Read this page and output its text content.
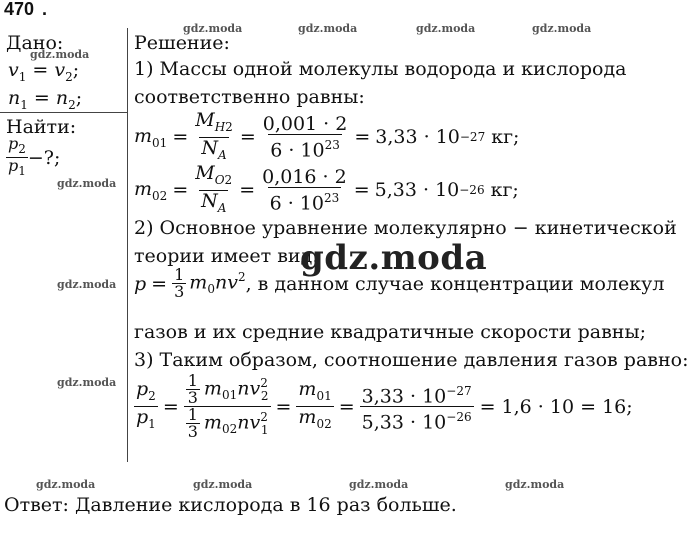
470 .
Дано:
$v_1 = v_2$;
$n_1 = n_2$;
Найти:
$\frac{p_2}{p_1}$ −?;
Решение:
1) Массы одной молекулы водорода и кислорода
соответственно равны:
$m_{01} = \frac{M_{H2}}{N_A} = \frac{0,001 \cdot 2}{6 \cdot 10^{23}} = 3,33 \cdot 10 -27$ кг;
$m_{02} = \frac{M_{O2}}{N_A} = \frac{0,016 \cdot 2}{6 \cdot 10^{23}} = 5,33 \cdot 10 -26$ кг;
2) Основное уравнение молекулярно − кинетической
теории имеет вид:
$p = \frac{1}{3} m_0nv^2$ , в данном случае концентрации молекул
газов и их средние квадратичные скорости равны;
3) Таким образом, соотношение давления газов равно:
$\frac{p_2}{p_1} = \frac{\frac{1}{3} m_{01}nv^2_2}{\frac{1}{3} m_{02}nv^2_1} = \frac{m_{01}}{m_{02}} = \frac{3,33 \cdot 10^{-27}}{5,33 \cdot 10^{-26}} = 1,6 \cdot 10 = 16$;
Ответ: Давление кислорода в 16 раз больше.
gdz.moda	gdz.moda	gdz.moda	gdz.moda
gdz.moda
gdz.moda
gdz.moda
gdz.moda
gdz.moda	gdz.moda	gdz.moda	gdz.moda
gdz.moda
